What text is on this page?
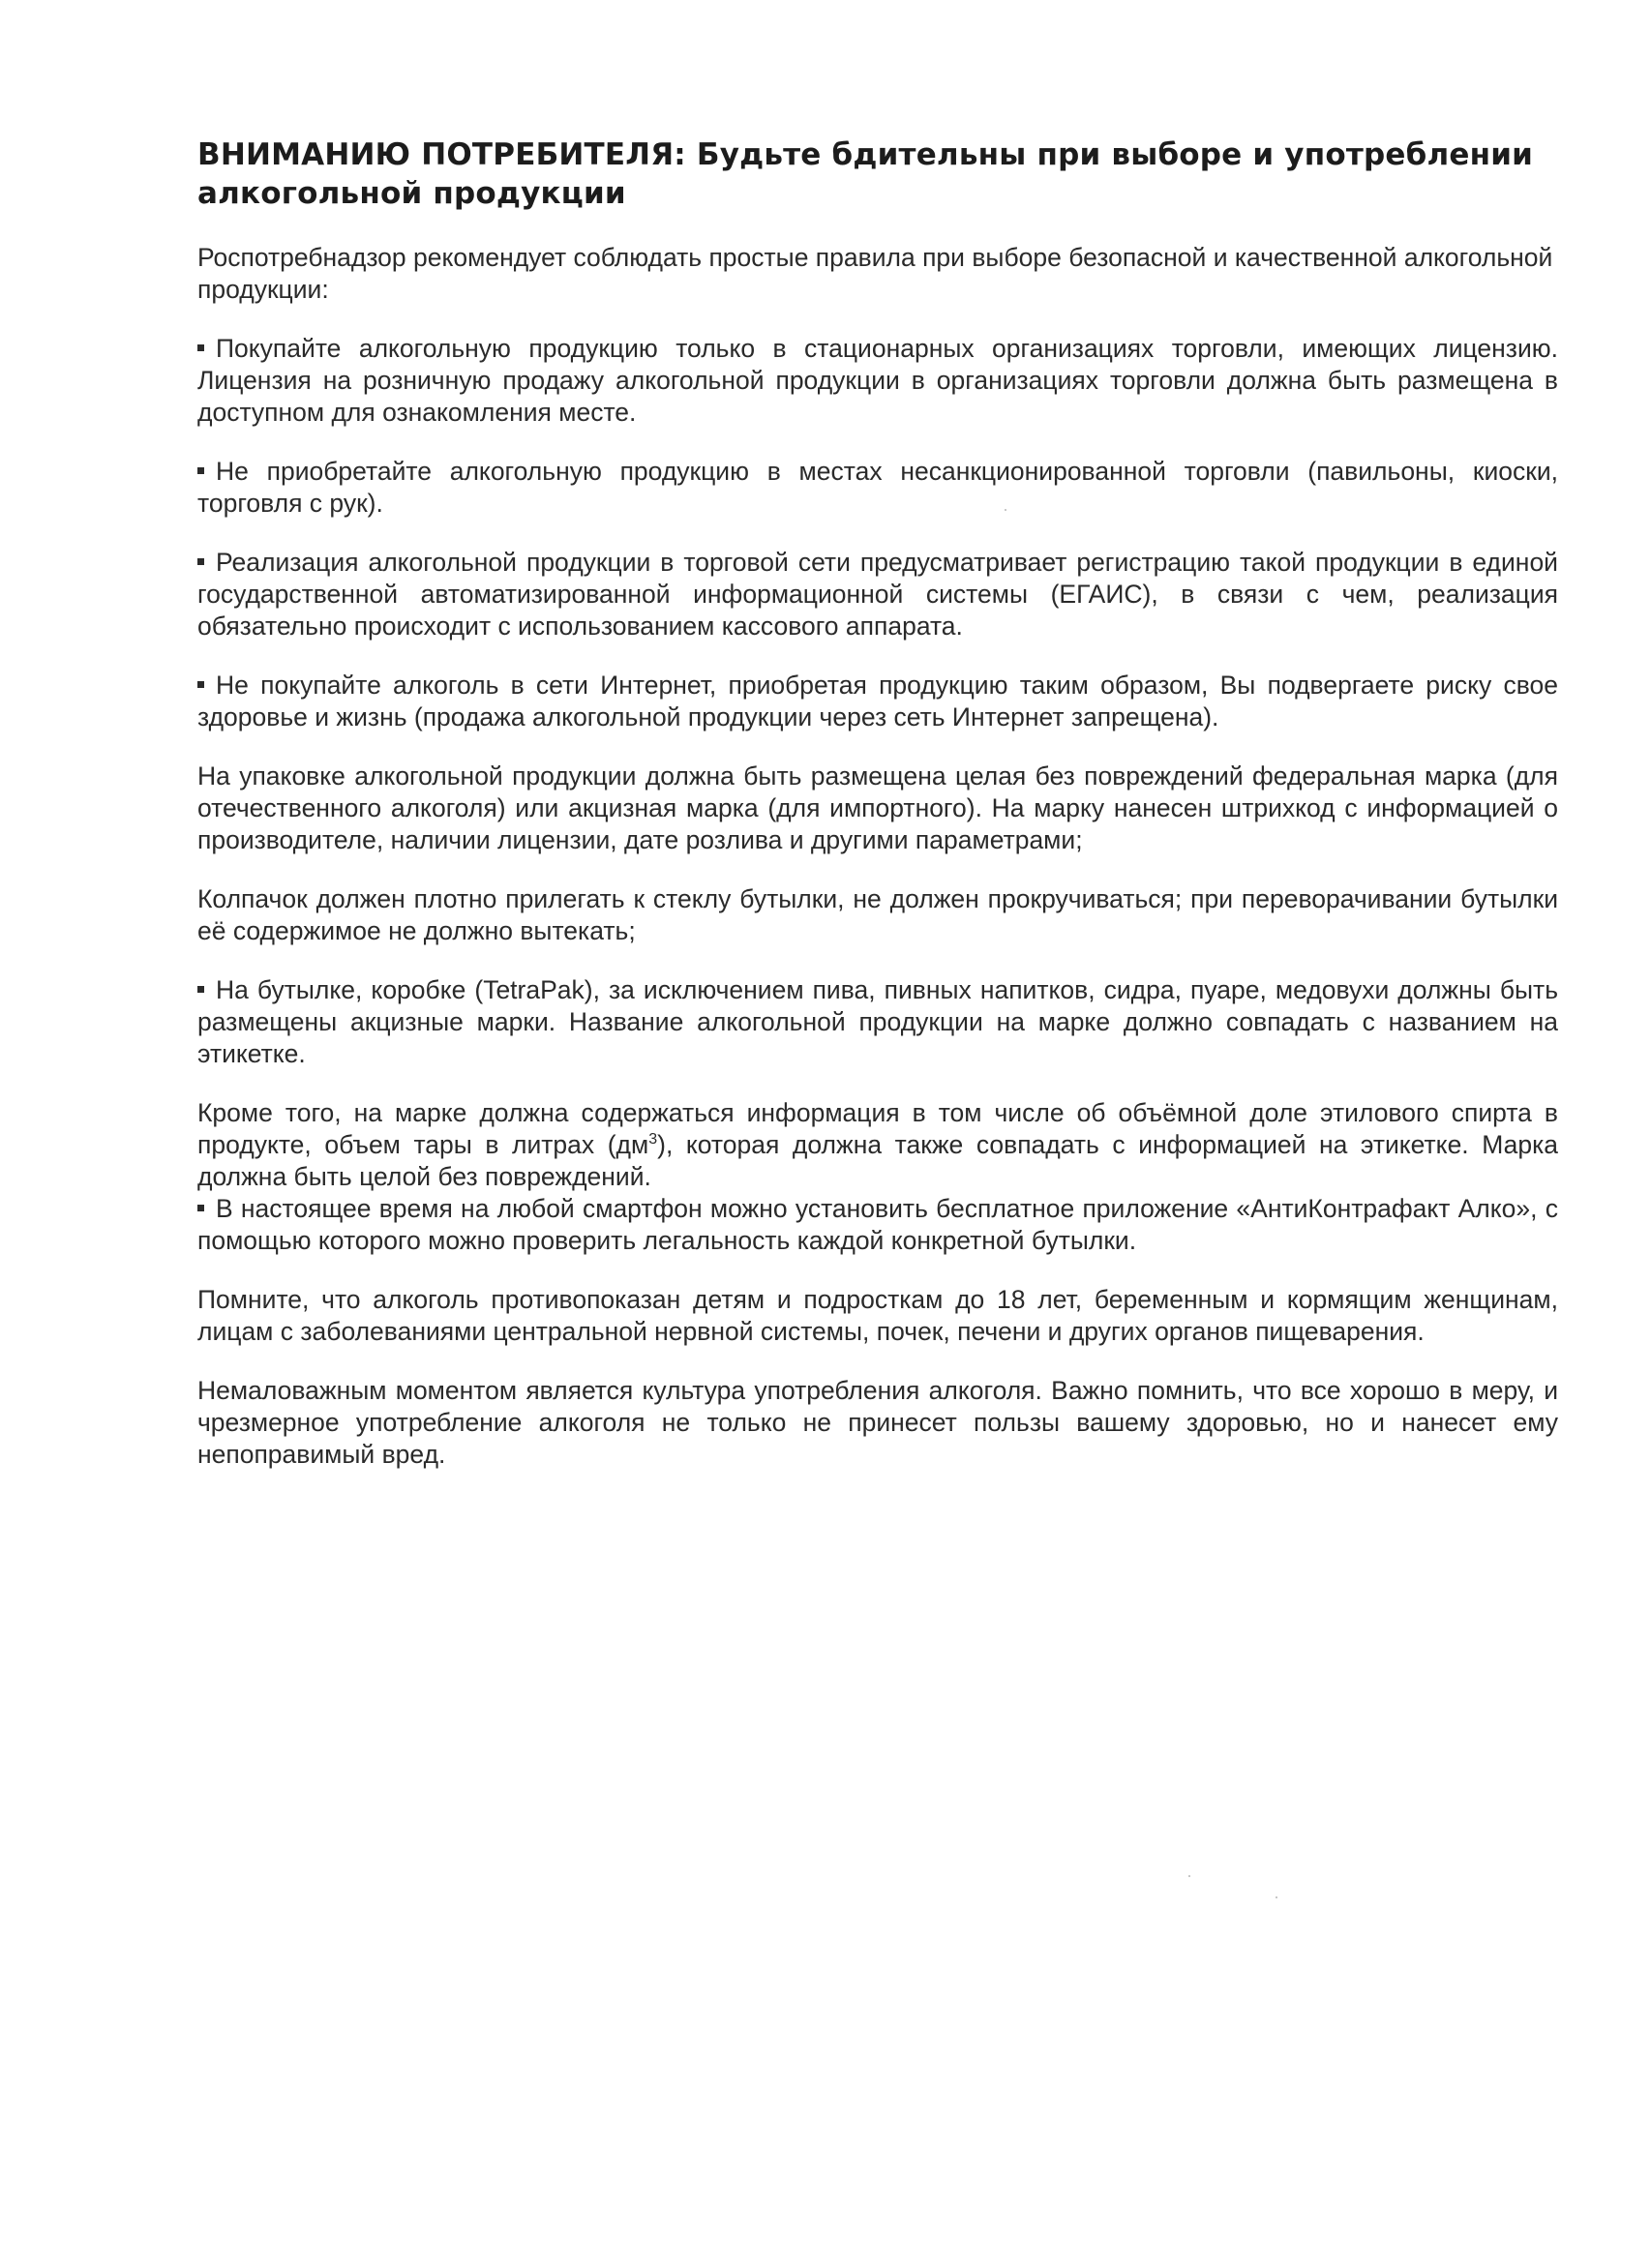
ВНИМАНИЮ ПОТРЕБИТЕЛЯ: Будьте бдительны при выборе и употреблении алкогольной продукции

Роспотребнадзор рекомендует соблюдать простые правила при выборе безопасной и качественной алкогольной продукции:

Покупайте алкогольную продукцию только в стационарных организациях торговли, имеющих лицензию. Лицензия на розничную продажу алкогольной продукции в организациях торговли должна быть размещена в доступном для ознакомления месте.

Не приобретайте алкогольную продукцию в местах несанкционированной торговли (павильоны, киоски, торговля с рук).

Реализация алкогольной продукции в торговой сети предусматривает регистрацию такой продукции в единой государственной автоматизированной информационной системы (ЕГАИС), в связи с чем, реализация обязательно происходит с использованием кассового аппарата.

Не покупайте алкоголь в сети Интернет, приобретая продукцию таким образом, Вы подвергаете риску свое здоровье и жизнь (продажа алкогольной продукции через сеть Интернет запрещена).

На упаковке алкогольной продукции должна быть размещена целая без повреждений федеральная марка (для отечественного алкоголя) или акцизная марка (для импортного). На марку нанесен штрихкод с информацией о производителе, наличии лицензии, дате розлива и другими параметрами;

Колпачок должен плотно прилегать к стеклу бутылки, не должен прокручиваться; при переворачивании бутылки её содержимое не должно вытекать;

На бутылке, коробке (TetraPak), за исключением пива, пивных напитков, сидра, пуаре, медовухи должны быть размещены акцизные марки. Название алкогольной продукции на марке должно совпадать с названием на этикетке.

Кроме того, на марке должна содержаться информация в том числе об объёмной доле этилового спирта в продукте, объем тары в литрах $(дм^3)$, которая должна также совпадать с информацией на этикетке. Марка должна быть целой без повреждений.

В настоящее время на любой смартфон можно установить бесплатное приложение «АнтиКонтрафакт Алко», с помощью которого можно проверить легальность каждой конкретной бутылки.

Помните, что алкоголь противопоказан детям и подросткам до 18 лет, беременным и кормящим женщинам, лицам с заболеваниями центральной нервной системы, почек, печени и других органов пищеварения.

Немаловажным моментом является культура употребления алкоголя. Важно помнить, что все хорошо в меру, и чрезмерное употребление алкоголя не только не принесет пользы вашему здоровью, но и нанесет ему непоправимый вред.
